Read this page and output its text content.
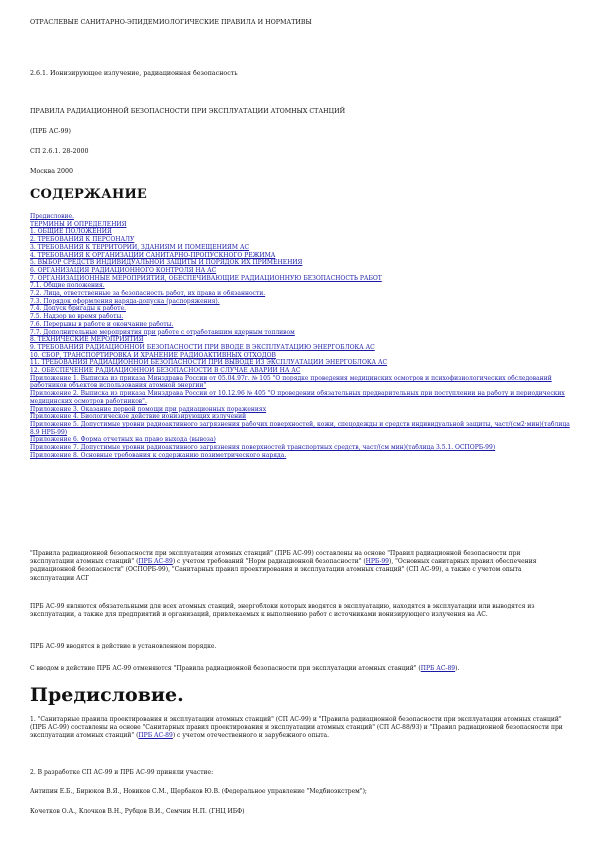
ОТРАСЛЕВЫЕ САНИТАРНО-ЭПИДЕМИОЛОГИЧЕСКИЕ ПРАВИЛА И НОРМАТИВЫ
2.6.1. Ионизирующее излучение, радиационная безопасность
ПРАВИЛА РАДИАЦИОННОЙ БЕЗОПАСНОСТИ ПРИ ЭКСПЛУАТАЦИИ АТОМНЫХ СТАНЦИЙ
(ПРБ АС-99)
СП 2.6.1. 28-2000
Москва 2000
СОДЕРЖАНИЕ
Предисловие.
ТЕРМИНЫ И ОПРЕДЕЛЕНИЯ
1. ОБЩИЕ ПОЛОЖЕНИЯ
2. ТРЕБОВАНИЯ К ПЕРСОНАЛУ
3. ТРЕБОВАНИЯ К ТЕРРИТОРИИ, ЗДАНИЯМ И ПОМЕЩЕНИЯМ АС
4. ТРЕБОВАНИЯ К ОРГАНИЗАЦИИ САНИТАРНО-ПРОПУСКНОГО РЕЖИМА
5. ВЫБОР СРЕДСТВ ИНДИВИДУАЛЬНОЙ ЗАЩИТЫ И ПОРЯДОК ИХ ПРИМЕНЕНИЯ
6. ОРГАНИЗАЦИЯ РАДИАЦИОННОГО КОНТРОЛЯ НА АС
7. ОРГАНИЗАЦИОННЫЕ МЕРОПРИЯТИЯ, ОБЕСПЕЧИВАЮЩИЕ РАДИАЦИОННУЮ БЕЗОПАСНОСТЬ РАБОТ
7.1. Общие положения.
7.2. Лица, ответственные за безопасность работ, их права и обязанности.
7.3. Порядок оформления наряда-допуска (распоряжения).
7.4. Допуск бригады к работе.
7.5. Надзор во время работы.
7.6. Перерывы в работе и окончание работы.
7.7. Дополнительные мероприятия при работе с отработавшим ядерным топливом
8. ТЕХНИЧЕСКИЕ МЕРОПРИЯТИЯ
9. ТРЕБОВАНИЯ РАДИАЦИОННОЙ БЕЗОПАСНОСТИ ПРИ ВВОДЕ В ЭКСПЛУАТАЦИЮ ЭНЕРГОБЛОКА АС
10. СБОР, ТРАНСПОРТИРОВКА И ХРАНЕНИЕ РАДИОАКТИВНЫХ ОТХОДОВ
11. ТРЕБОВАНИЯ РАДИАЦИОННОЙ БЕЗОПАСНОСТИ ПРИ ВЫВОДЕ ИЗ ЭКСПЛУАТАЦИИ ЭНЕРГОБЛОКА АС
12. ОБЕСПЕЧЕНИЕ РАДИАЦИОННОЙ БЕЗОПАСНОСТИ В СЛУЧАЕ АВАРИИ НА АС
Приложение 1. Выписка из приказа Минздрава России от 05.04.97г. № 105 "О порядке проведения медицинских осмотров и психофизиологических обследований работников объектов использования атомной энергии"
Приложение 2. Выписка из приказа Минздрава России от 10.12.96 № 405 "О проведении обязательных предварительных при поступлении на работу и периодических медицинских осмотров работников".
Приложение 3. Оказание первой помощи при радиационных поражениях
Приложение 4. Биологическое действие ионизирующих излучений
Приложение 5. Допустимые уровни радиоактивного загрязнения рабочих поверхностей, кожи, спецодежды и средств индивидуальной защиты, част/(см2·мин)(таблица 8.9 НРБ-99)
Приложение 6. Форма отчетных на право выхода (вывоза)
Приложение 7. Допустимые уровни радиоактивного загрязнения поверхностей транспортных средств, част/(см мин)(таблица 3.5.1. ОСПОРБ-99)
Приложение 8. Основные требования к содержанию позиметрического наряда.
"Правила радиационной безопасности при эксплуатации атомных станций" (ПРБ АС-99) составлены на основе "Правил радиационной безопасности при эксплуатации атомных станций" (ПРБ АС-89) с учетом требований "Норм радиационной безопасности" (НРБ-99), "Основных санитарных правил обеспечения радиационной безопасности" (ОСПОРБ-99), "Санитарных правил проектирования и эксплуатации атомных станций" (СП АС-99), а также с учетом опыта эксплуатации АСГ
ПРБ АС-99 являются обязательными для всех атомных станций, энергоблоки которых вводятся в эксплуатацию, находятся в эксплуатации или выводятся из эксплуатации, а также для предприятий и организаций, привлекаемых к выполнению работ с источниками ионизирующего излучения на АС.
ПРБ АС-99 вводятся в действие в установленном порядке.
С вводом в действие ПРБ АС-99 отменяются "Правила радиационной безопасности при эксплуатации атомных станций" (ПРБ АС-89).
Предисловие.
1. "Санитарные правила проектирования и эксплуатации атомных станций" (СП АС-99) и "Правила радиационной безопасности при эксплуатации атомных станций" (ПРБ АС-99) составлены на основе "Санитарных правил проектирования и эксплуатации атомных станций" (СП АС-88/93) и "Правил радиационной безопасности при эксплуатации атомных станций" (ПРБ АС-89) с учетом отечественного и зарубежного опыта.
2. В разработке СП АС-99 и ПРБ АС-99 приняли участие:
Антипин Е.Б., Бирюков В.Я., Новиков С.М., Щербаков Ю.В. (Федеральное управление "Медбиоэкстрем");
Кочетков О.А., Клочков В.Н., Рубцов В.И., Семчин Н.П. (ГНЦ ИБФ)
